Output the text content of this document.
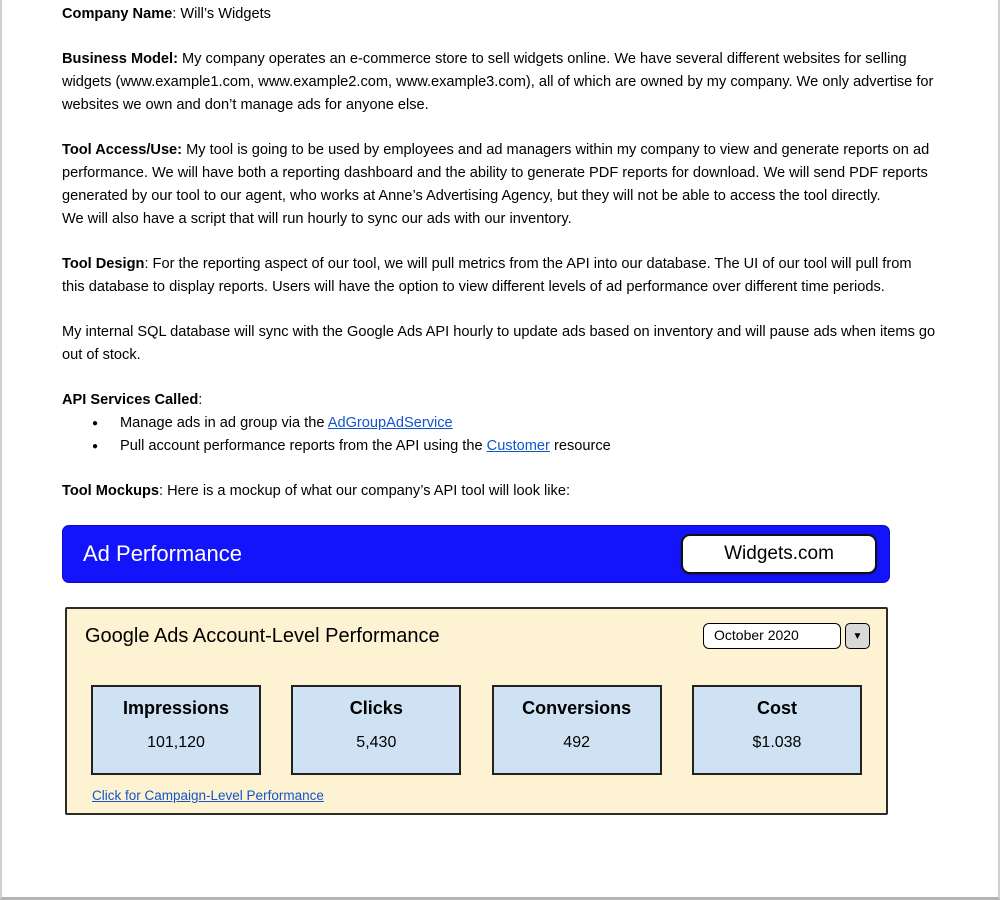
Company Name: Will’s Widgets

Business Model: My company operates an e-commerce store to sell widgets online. We have several different websites for selling widgets (www.example1.com, www.example2.com, www.example3.com), all of which are owned by my company. We only advertise for websites we own and don’t manage ads for anyone else.

Tool Access/Use: My tool is going to be used by employees and ad managers within my company to view and generate reports on ad performance. We will have both a reporting dashboard and the ability to generate PDF reports for download. We will send PDF reports generated by our tool to our agent, who works at Anne’s Advertising Agency, but they will not be able to access the tool directly.
We will also have a script that will run hourly to sync our ads with our inventory.

Tool Design: For the reporting aspect of our tool, we will pull metrics from the API into our database. The UI of our tool will pull from this database to display reports. Users will have the option to view different levels of ad performance over different time periods.

My internal SQL database will sync with the Google Ads API hourly to update ads based on inventory and will pause ads when items go out of stock.

API Services Called:
●	Manage ads in ad group via the AdGroupAdService
●	Pull account performance reports from the API using the Customer resource

Tool Mockups: Here is a mockup of what our company’s API tool will look like:

Ad Performance	Widgets.com
Google Ads Account-Level Performance	October 2020	▼
Impressions
101,120
Clicks
5,430
Conversions
492
Cost
$1.038
Click for Campaign-Level Performance
